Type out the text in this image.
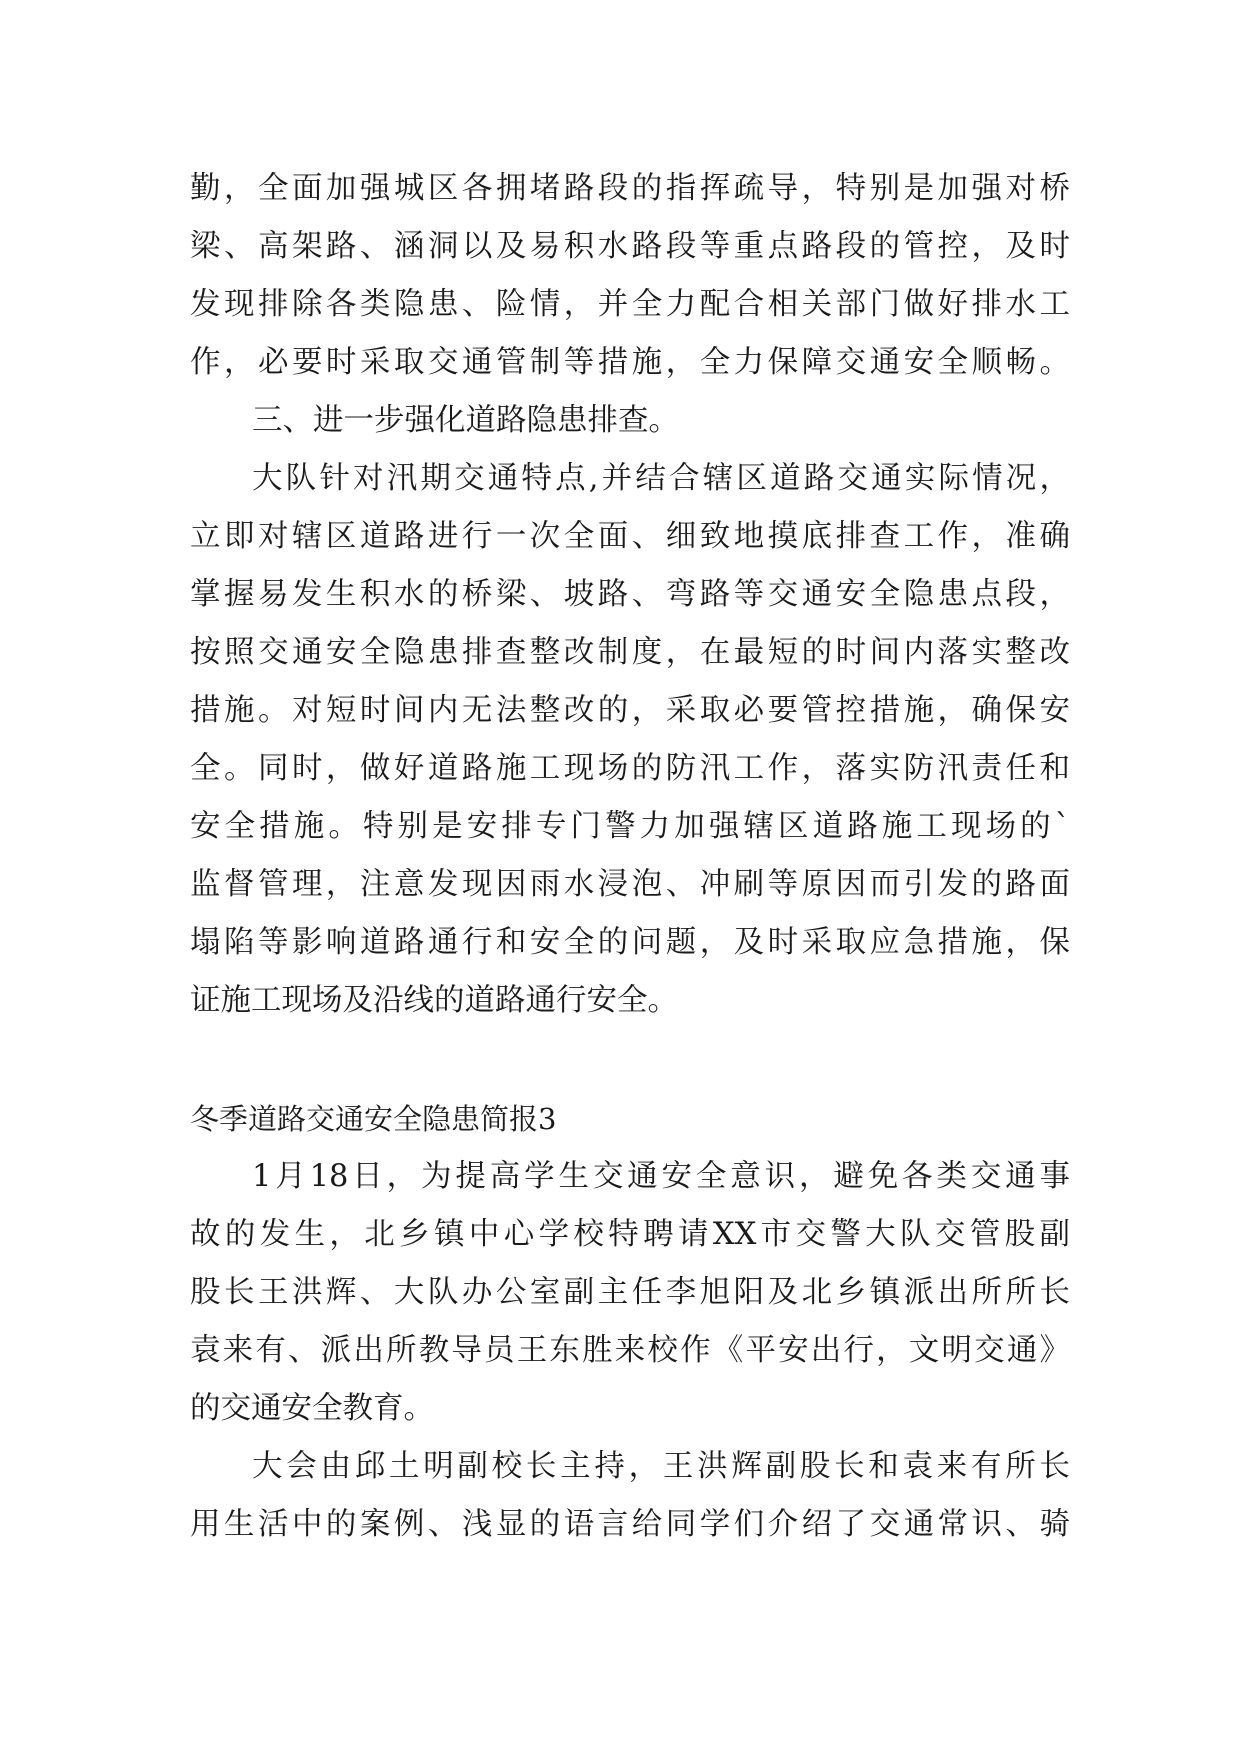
勤，全面加强城区各拥堵路段的指挥疏导，特别是加强对桥
梁、高架路、涵洞以及易积水路段等重点路段的管控，及时
发现排除各类隐患、险情，并全力配合相关部门做好排水工
作，必要时采取交通管制等措施，全力保障交通安全顺畅。
三、进一步强化道路隐患排查。
大队针对汛期交通特点,并结合辖区道路交通实际情况，
立即对辖区道路进行一次全面、细致地摸底排查工作，准确
掌握易发生积水的桥梁、坡路、弯路等交通安全隐患点段，
按照交通安全隐患排查整改制度，在最短的时间内落实整改
措施。对短时间内无法整改的，采取必要管控措施，确保安
全。同时，做好道路施工现场的防汛工作，落实防汛责任和
安全措施。特别是安排专门警力加强辖区道路施工现场的`
监督管理，注意发现因雨水浸泡、冲刷等原因而引发的路面
塌陷等影响道路通行和安全的问题，及时采取应急措施，保
证施工现场及沿线的道路通行安全。
冬季道路交通安全隐患简报3
1月18日，为提高学生交通安全意识，避免各类交通事
故的发生，北乡镇中心学校特聘请XX市交警大队交管股副
股长王洪辉、大队办公室副主任李旭阳及北乡镇派出所所长
袁来有、派出所教导员王东胜来校作《平安出行，文明交通》
的交通安全教育。
大会由邱土明副校长主持，王洪辉副股长和袁来有所长
用生活中的案例、浅显的语言给同学们介绍了交通常识、骑
